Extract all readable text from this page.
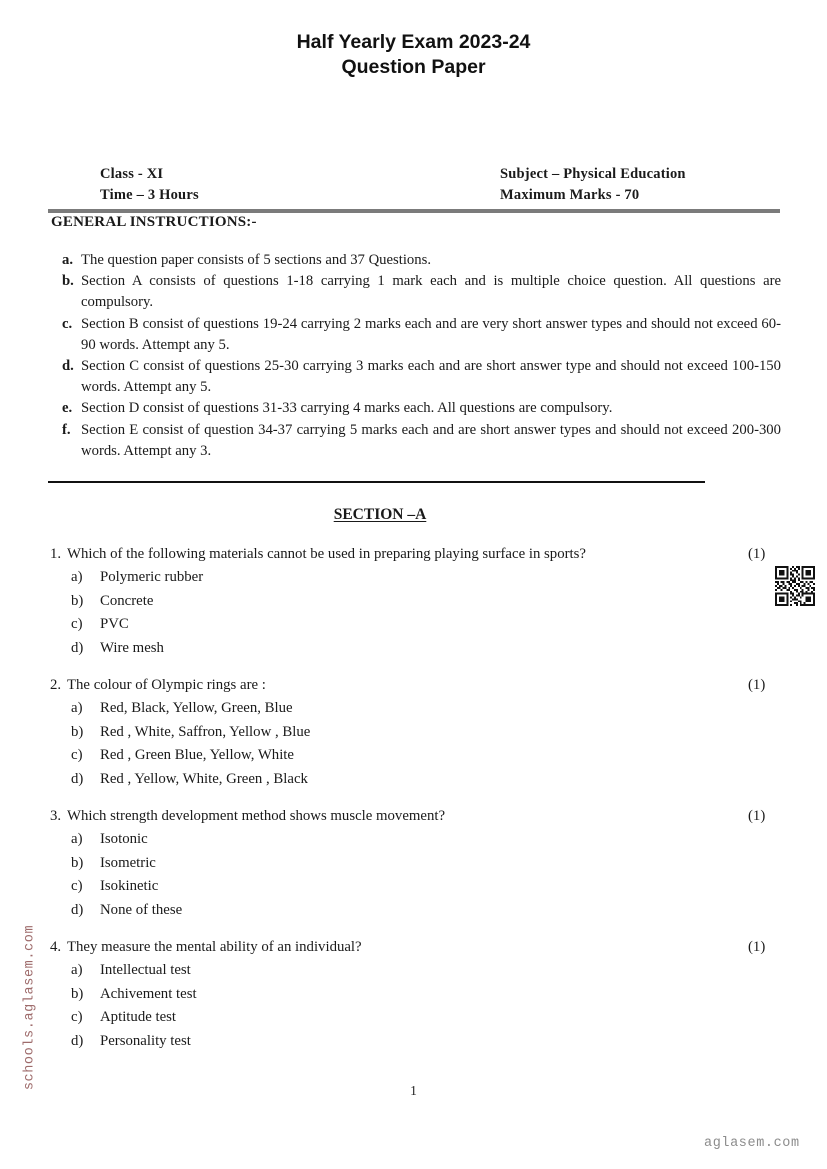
Half Yearly Exam 2023-24
Question Paper
Class - XI	Subject – Physical Education
Time – 3 Hours	Maximum Marks - 70
GENERAL INSTRUCTIONS:-
a. The question paper consists of 5 sections and 37 Questions.
b. Section A consists of questions 1-18 carrying 1 mark each and is multiple choice question. All questions are compulsory.
c. Section B consist of questions 19-24 carrying 2 marks each and are very short answer types and should not exceed 60-90 words. Attempt any 5.
d. Section C consist of questions 25-30 carrying 3 marks each and are short answer type and should not exceed 100-150 words. Attempt any 5.
e. Section D consist of questions 31-33 carrying 4 marks each. All questions are compulsory.
f. Section E consist of question 34-37 carrying 5 marks each and are short answer types and should not exceed 200-300 words. Attempt any 3.
SECTION –A
1. Which of the following materials cannot be used in preparing playing surface in sports?	(1)
a)	Polymeric rubber
b)	Concrete
c)	PVC
d)	Wire mesh
2. The colour of Olympic rings are :	(1)
a)	Red, Black, Yellow, Green, Blue
b)	Red , White, Saffron, Yellow , Blue
c)	Red , Green Blue, Yellow, White
d)	Red , Yellow, White, Green , Black
3. Which strength development method shows muscle movement?	(1)
a)	Isotonic
b)	Isometric
c)	Isokinetic
d)	None of these
4. They measure the mental ability of an individual?	(1)
a)	Intellectual test
b)	Achivement test
c)	Aptitude test
d)	Personality test
1
schools.aglasem.com
aglasem.com
